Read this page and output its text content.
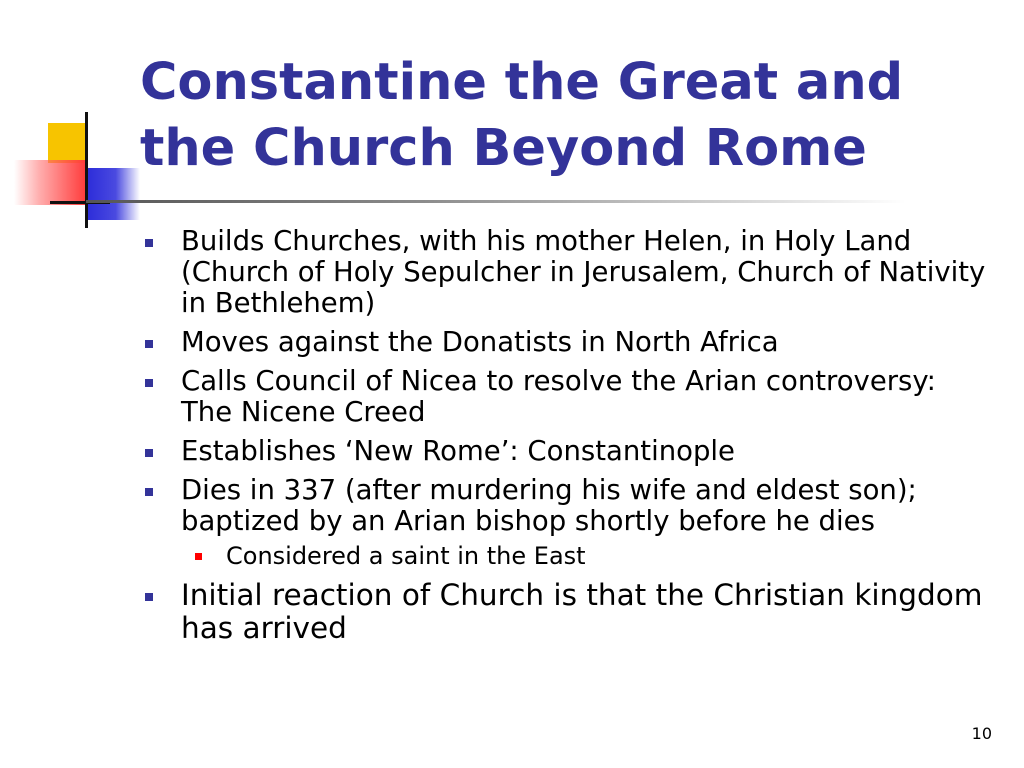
Constantine the Great and
the Church Beyond Rome
Builds Churches, with his mother Helen, in Holy Land (Church of Holy Sepulcher in Jerusalem, Church of Nativity in Bethlehem)
Moves against the Donatists in North Africa
Calls Council of Nicea to resolve the Arian controversy: The Nicene Creed
Establishes ‘New Rome’: Constantinople
Dies in 337 (after murdering his wife and eldest son); baptized by an Arian bishop shortly before he dies
Considered a saint in the East
Initial reaction of Church is that the Christian kingdom has arrived
10
